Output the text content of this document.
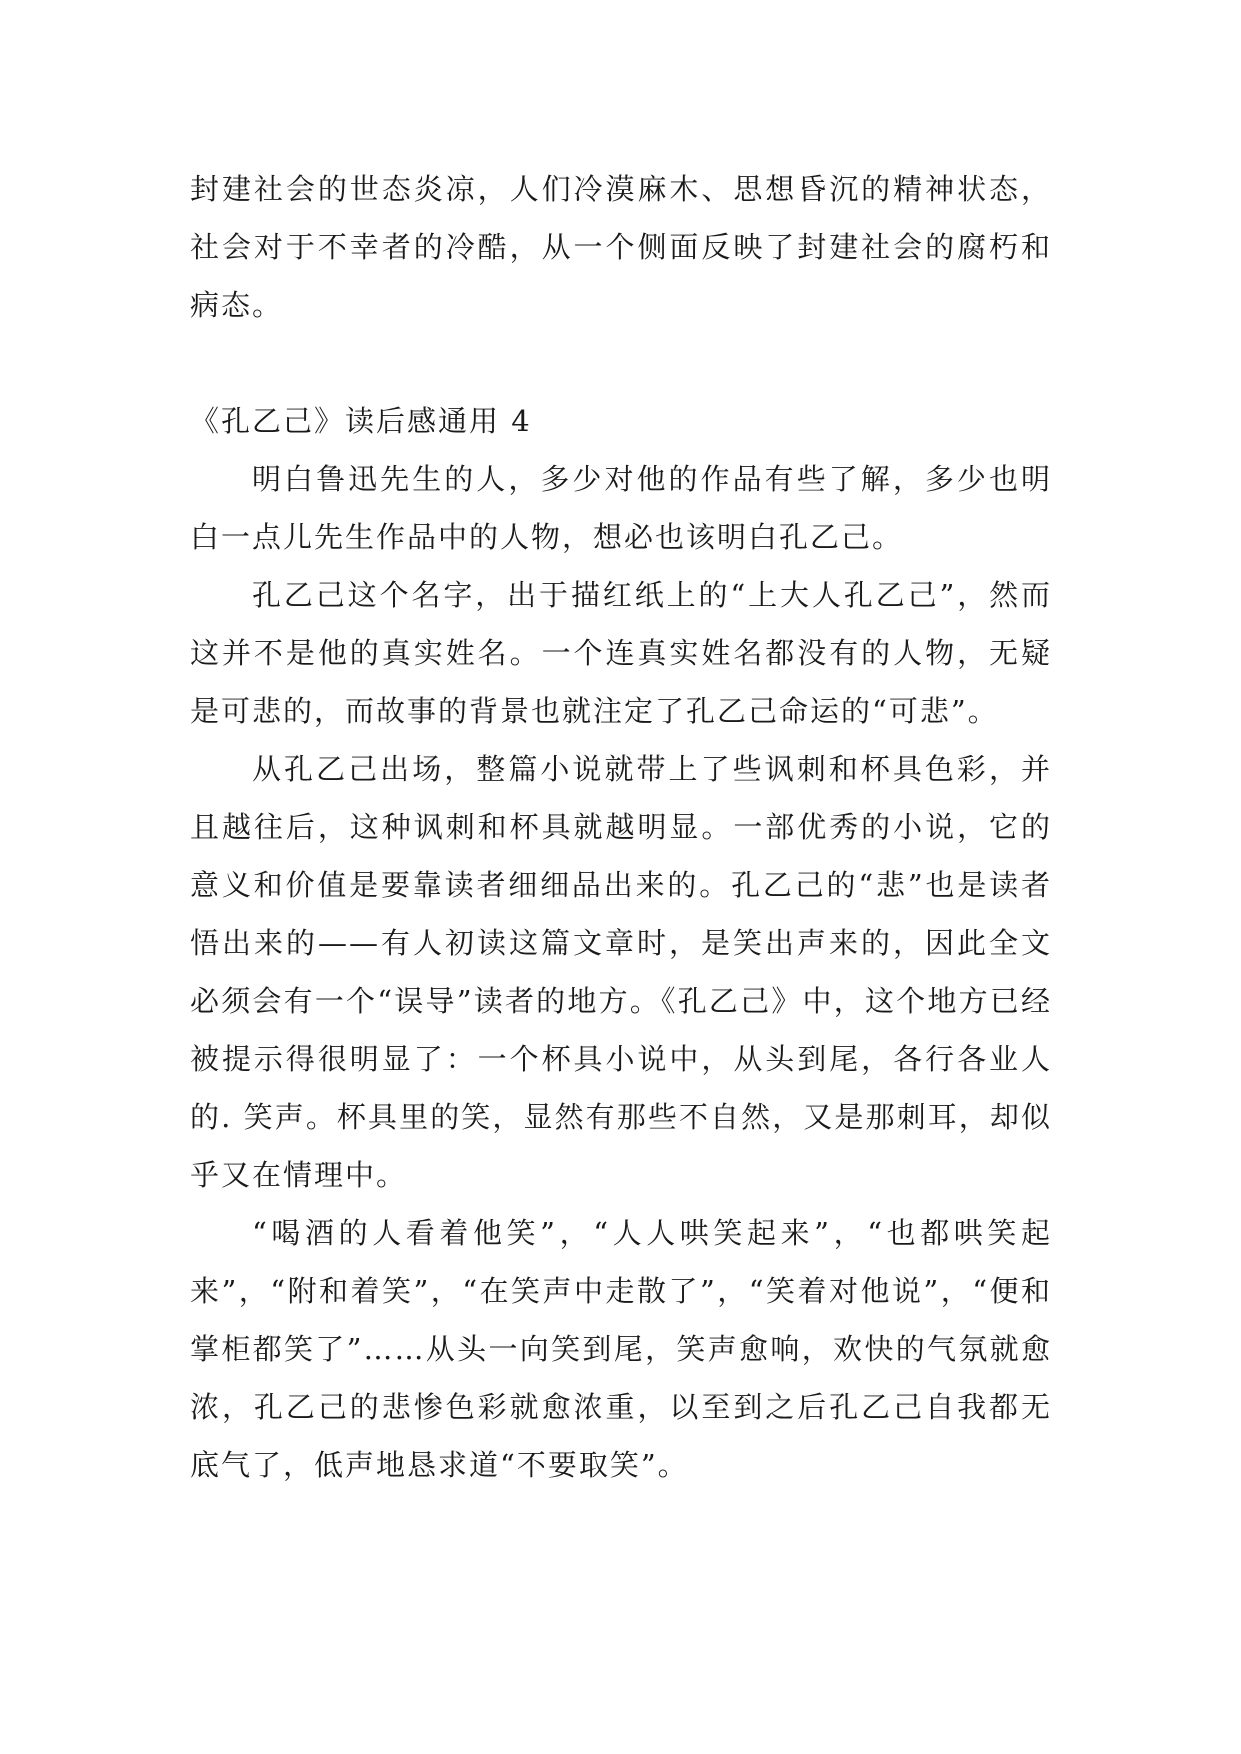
封建社会的世态炎凉，人们冷漠麻木、思想昏沉的精神状态，社会对于不幸者的冷酷，从一个侧面反映了封建社会的腐朽和病态。

《孔乙己》读后感通用 4

明白鲁迅先生的人，多少对他的作品有些了解，多少也明白一点儿先生作品中的人物，想必也该明白孔乙己。

孔乙己这个名字，出于描红纸上的“上大人孔乙己”，然而这并不是他的真实姓名。一个连真实姓名都没有的人物，无疑是可悲的，而故事的背景也就注定了孔乙己命运的“可悲”。

从孔乙己出场，整篇小说就带上了些讽刺和杯具色彩，并且越往后，这种讽刺和杯具就越明显。一部优秀的小说，它的意义和价值是要靠读者细细品出来的。孔乙己的“悲”也是读者悟出来的——有人初读这篇文章时，是笑出声来的，因此全文必须会有一个“误导”读者的地方。《孔乙己》中，这个地方已经被提示得很明显了：一个杯具小说中，从头到尾，各行各业人的. 笑声。杯具里的笑，显然有那些不自然，又是那刺耳，却似乎又在情理中。

“喝酒的人看着他笑”，“人人哄笑起来”，“也都哄笑起来”，“附和着笑”，“在笑声中走散了”，“笑着对他说”，“便和掌柜都笑了”……从头一向笑到尾，笑声愈响，欢快的气氛就愈浓，孔乙己的悲惨色彩就愈浓重，以至到之后孔乙己自我都无底气了，低声地恳求道“不要取笑”。
